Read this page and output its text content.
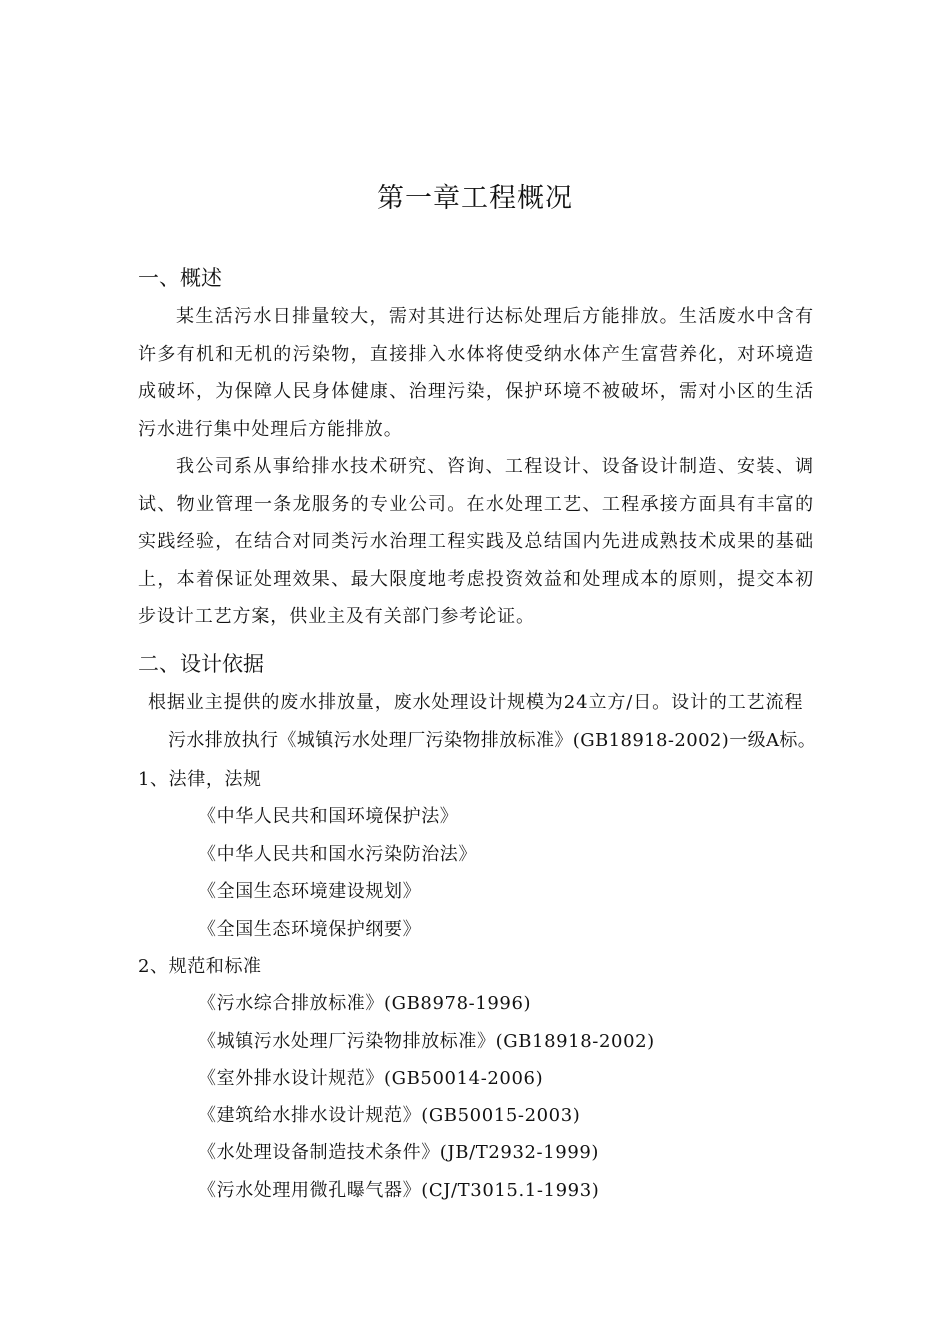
第一章工程概况
一、概述
某生活污水日排量较大，需对其进行达标处理后方能排放。生活废水中含有许多有机和无机的污染物，直接排入水体将使受纳水体产生富营养化，对环境造成破坏，为保障人民身体健康、治理污染，保护环境不被破坏，需对小区的生活污水进行集中处理后方能排放。
我公司系从事给排水技术研究、咨询、工程设计、设备设计制造、安装、调试、物业管理一条龙服务的专业公司。在水处理工艺、工程承接方面具有丰富的实践经验，在结合对同类污水治理工程实践及总结国内先进成熟技术成果的基础上，本着保证处理效果、最大限度地考虑投资效益和处理成本的原则，提交本初步设计工艺方案，供业主及有关部门参考论证。
二、设计依据
根据业主提供的废水排放量，废水处理设计规模为24立方/日。设计的工艺流程
污水排放执行《城镇污水处理厂污染物排放标准》(GB18918-2002)一级A标。
1、法律，法规
《中华人民共和国环境保护法》
《中华人民共和国水污染防治法》
《全国生态环境建设规划》
《全国生态环境保护纲要》
2、规范和标准
《污水综合排放标准》(GB8978-1996)
《城镇污水处理厂污染物排放标准》(GB18918-2002)
《室外排水设计规范》(GB50014-2006)
《建筑给水排水设计规范》(GB50015-2003)
《水处理设备制造技术条件》(JB/T2932-1999)
《污水处理用微孔曝气器》(CJ/T3015.1-1993)
